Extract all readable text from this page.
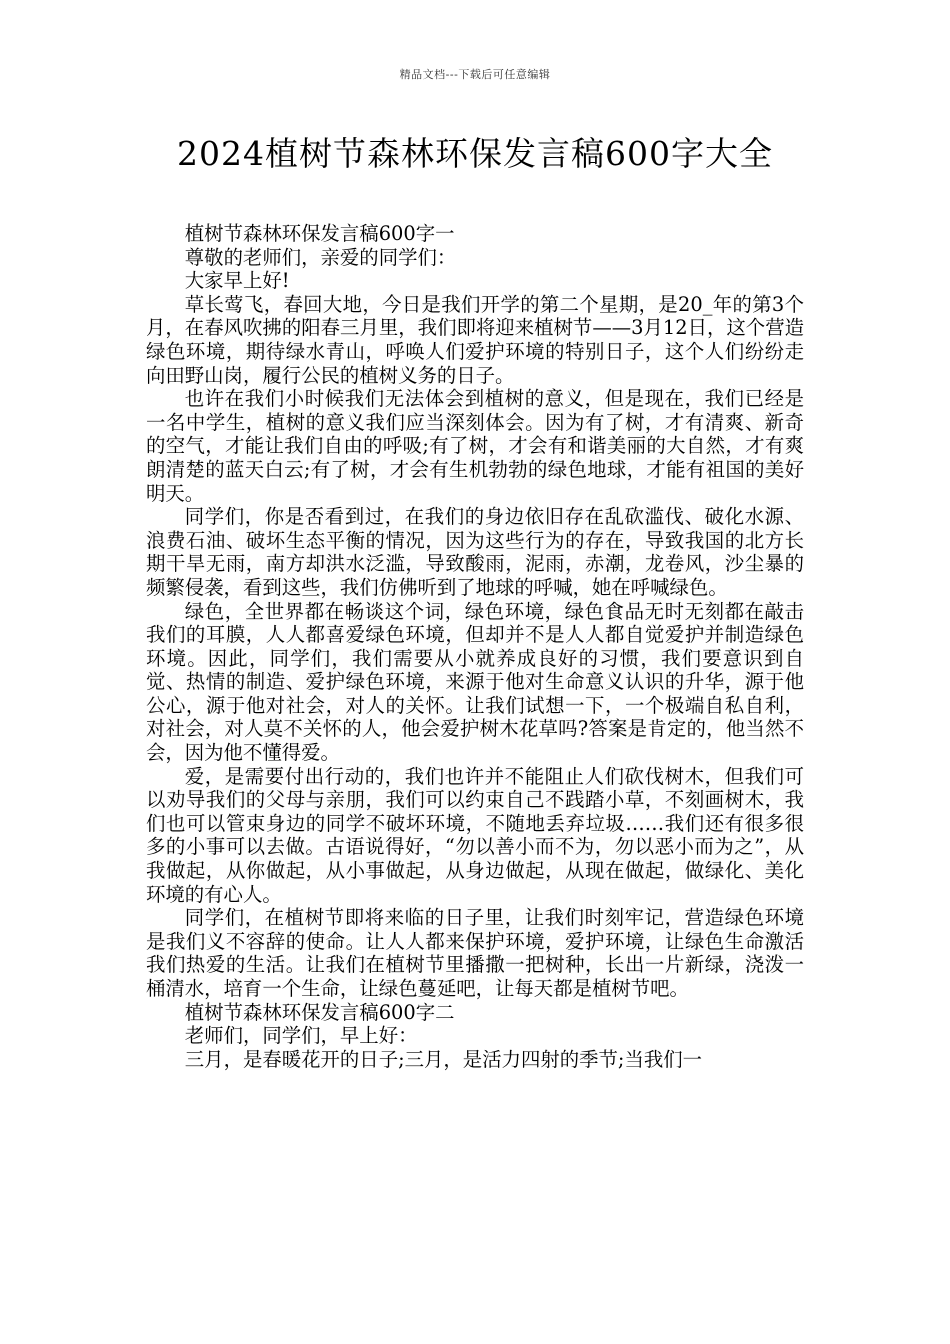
精品文档---下载后可任意编辑
2024植树节森林环保发言稿600字大全

植树节森林环保发言稿600字一

尊敬的老师们，亲爱的同学们：

大家早上好!

草长莺飞，春回大地，今日是我们开学的第二个星期，是20_年的第3个月，在春风吹拂的阳春三月里，我们即将迎来植树节——3月12日，这个营造绿色环境，期待绿水青山，呼唤人们爱护环境的特别日子，这个人们纷纷走向田野山岗，履行公民的植树义务的日子。

也许在我们小时候我们无法体会到植树的意义，但是现在，我们已经是一名中学生，植树的意义我们应当深刻体会。因为有了树，才有清爽、新奇的空气，才能让我们自由的呼吸;有了树，才会有和谐美丽的大自然，才有爽朗清楚的蓝天白云;有了树，才会有生机勃勃的绿色地球，才能有祖国的美好明天。

同学们，你是否看到过，在我们的身边依旧存在乱砍滥伐、破化水源、浪费石油、破坏生态平衡的情况，因为这些行为的存在，导致我国的北方长期干旱无雨，南方却洪水泛滥，导致酸雨，泥雨，赤潮，龙卷风，沙尘暴的频繁侵袭，看到这些，我们仿佛听到了地球的呼喊，她在呼喊绿色。

绿色，全世界都在畅谈这个词，绿色环境，绿色食品无时无刻都在敲击我们的耳膜，人人都喜爱绿色环境，但却并不是人人都自觉爱护并制造绿色环境。因此，同学们，我们需要从小就养成良好的习惯，我们要意识到自觉、热情的制造、爱护绿色环境，来源于他对生命意义认识的升华，源于他公心，源于他对社会，对人的关怀。让我们试想一下，一个极端自私自利，对社会，对人莫不关怀的人，他会爱护树木花草吗?答案是肯定的，他当然不会，因为他不懂得爱。

爱，是需要付出行动的，我们也许并不能阻止人们砍伐树木，但我们可以劝导我们的父母与亲朋，我们可以约束自己不践踏小草，不刻画树木，我们也可以管束身边的同学不破坏环境，不随地丢弃垃圾……我们还有很多很多的小事可以去做。古语说得好，“勿以善小而不为，勿以恶小而为之”，从我做起，从你做起，从小事做起，从身边做起，从现在做起，做绿化、美化环境的有心人。

同学们，在植树节即将来临的日子里，让我们时刻牢记，营造绿色环境是我们义不容辞的使命。让人人都来保护环境，爱护环境，让绿色生命激活我们热爱的生活。让我们在植树节里播撒一把树种，长出一片新绿，浇泼一桶清水，培育一个生命，让绿色蔓延吧，让每天都是植树节吧。

植树节森林环保发言稿600字二

老师们，同学们，早上好：

三月，是春暖花开的日子;三月，是活力四射的季节;当我们一
